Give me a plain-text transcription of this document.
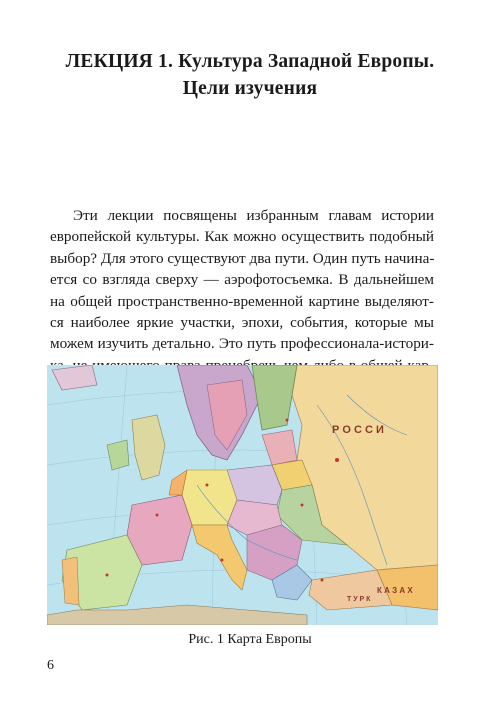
ЛЕКЦИЯ 1. Культура Западной Европы.
Цели изучения
Эти лекции посвящены избранным главам истории
европейской культуры. Как можно осуществить подобный
выбор? Для этого существуют два пути. Один путь начина-
ется со взгляда сверху — аэрофотосъемка. В дальнейшем
на общей пространственно-временной картине выделяют-
ся наиболее яркие участки, эпохи, события, которые мы
можем изучить детально. Это путь профессионала-истори-
Р О С С И
К А З А Х
Т У Р К
Рис. 1 Карта Европы
6
